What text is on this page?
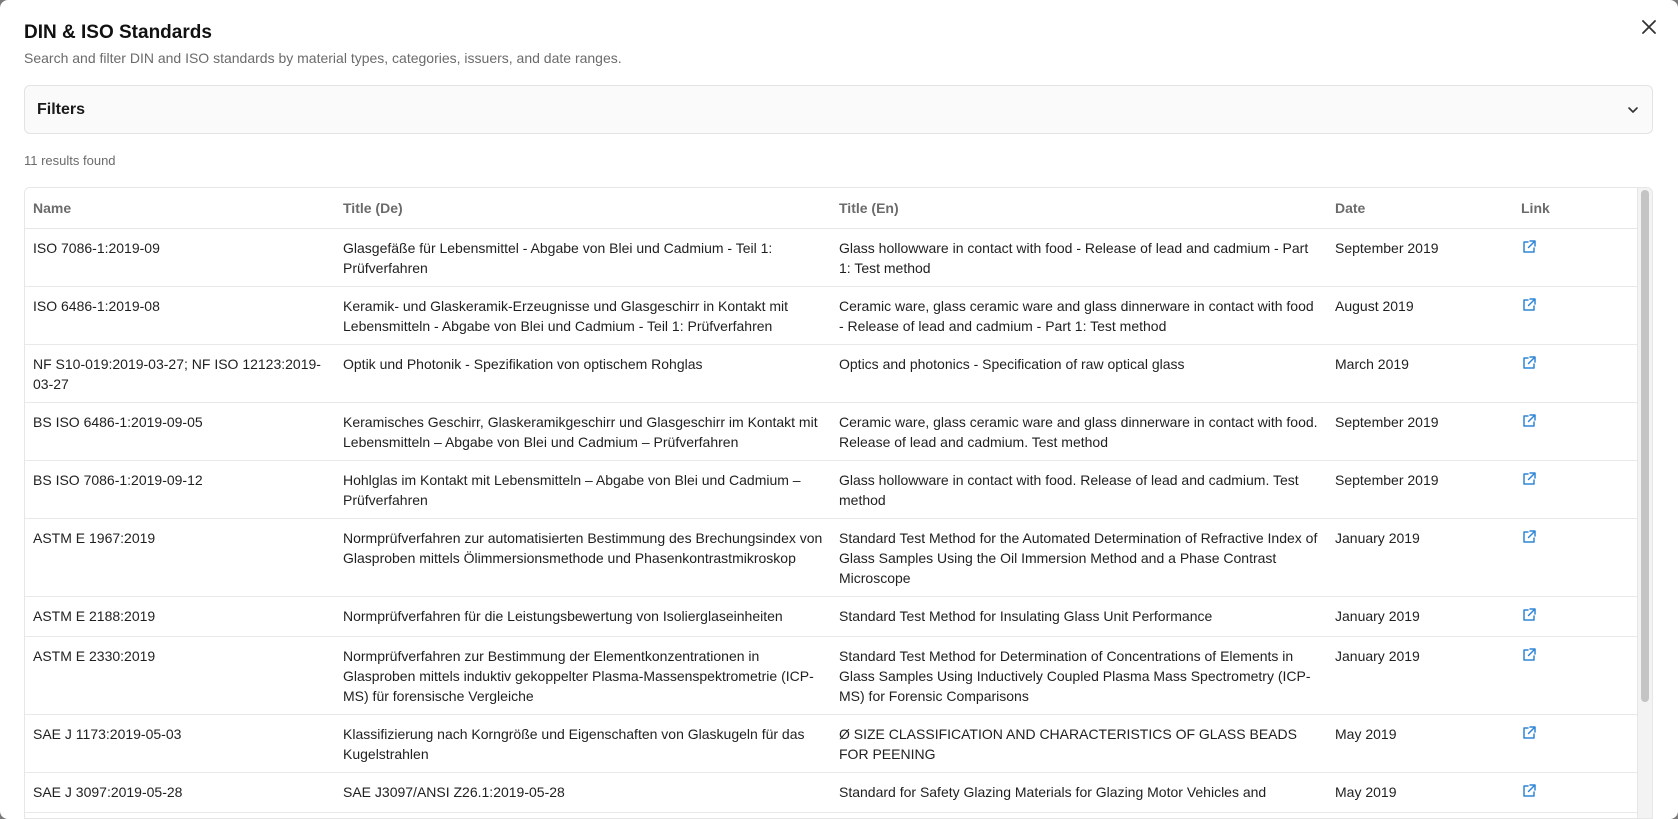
DIN & ISO Standards

Search and filter DIN and ISO standards by material types, categories, issuers, and date ranges.

Filters
11 results found
Name	Title (De)	Title (En)	Date	Link
ISO 7086-1:2019-09	Glasgefäße für Lebensmittel - Abgabe von Blei und Cadmium - Teil 1: Prüfverfahren	Glass hollowware in contact with food - Release of lead and cadmium - Part 1: Test method	September 2019	
ISO 6486-1:2019-08	Keramik- und Glaskeramik-Erzeugnisse und Glasgeschirr in Kontakt mit Lebensmitteln - Abgabe von Blei und Cadmium - Teil 1: Prüfverfahren	Ceramic ware, glass ceramic ware and glass dinnerware in contact with food - Release of lead and cadmium - Part 1: Test method	August 2019	
NF S10-019:2019-03-27; NF ISO 12123:2019-03-27	Optik und Photonik - Spezifikation von optischem Rohglas	Optics and photonics - Specification of raw optical glass	March 2019	
BS ISO 6486-1:2019-09-05	Keramisches Geschirr, Glaskeramikgeschirr und Glasgeschirr im Kontakt mit Lebensmitteln – Abgabe von Blei und Cadmium – Prüfverfahren	Ceramic ware, glass ceramic ware and glass dinnerware in contact with food. Release of lead and cadmium. Test method	September 2019	
BS ISO 7086-1:2019-09-12	Hohlglas im Kontakt mit Lebensmitteln – Abgabe von Blei und Cadmium – Prüfverfahren	Glass hollowware in contact with food. Release of lead and cadmium. Test method	September 2019	
ASTM E 1967:2019	Normprüfverfahren zur automatisierten Bestimmung des Brechungsindex von Glasproben mittels Ölimmersionsmethode und Phasenkontrastmikroskop	Standard Test Method for the Automated Determination of Refractive Index of Glass Samples Using the Oil Immersion Method and a Phase Contrast Microscope	January 2019	
ASTM E 2188:2019	Normprüfverfahren für die Leistungsbewertung von Isolierglaseinheiten	Standard Test Method for Insulating Glass Unit Performance	January 2019	
ASTM E 2330:2019	Normprüfverfahren zur Bestimmung der Elementkonzentrationen in Glasproben mittels induktiv gekoppelter Plasma-Massenspektrometrie (ICP-MS) für forensische Vergleiche	Standard Test Method for Determination of Concentrations of Elements in Glass Samples Using Inductively Coupled Plasma Mass Spectrometry (ICP-MS) for Forensic Comparisons	January 2019	
SAE J 1173:2019-05-03	Klassifizierung nach Korngröße und Eigenschaften von Glaskugeln für das Kugelstrahlen	Ø SIZE CLASSIFICATION AND CHARACTERISTICS OF GLASS BEADS FOR PEENING	May 2019	
SAE J 3097:2019-05-28	SAE J3097/ANSI Z26.1:2019-05-28	Standard for Safety Glazing Materials for Glazing Motor Vehicles and	May 2019	
